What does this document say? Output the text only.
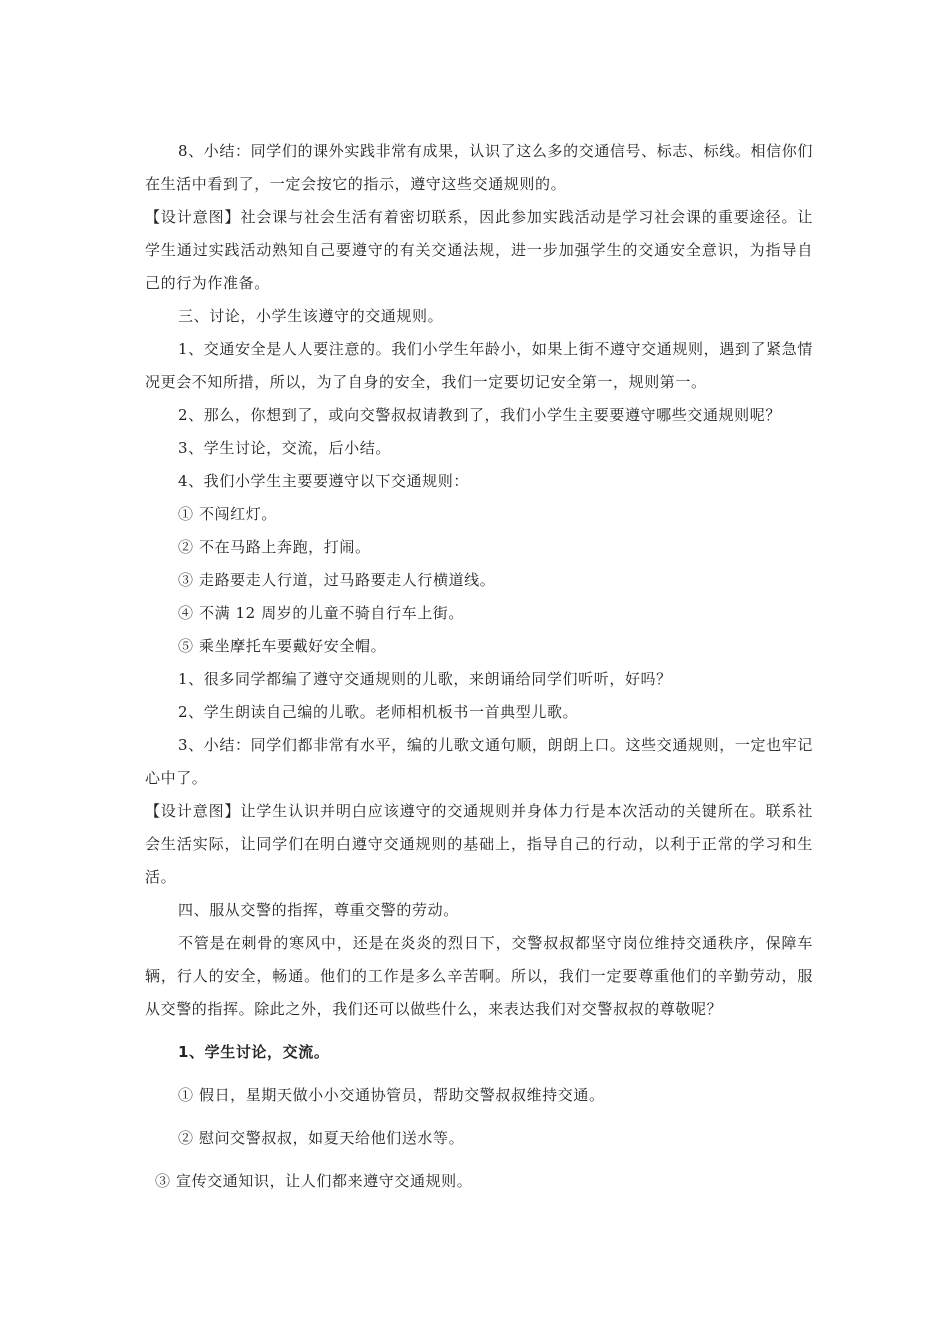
8、小结：同学们的课外实践非常有成果，认识了这么多的交通信号、标志、标线。相信你们在生活中看到了，一定会按它的指示，遵守这些交通规则的。

【设计意图】社会课与社会生活有着密切联系，因此参加实践活动是学习社会课的重要途径。让学生通过实践活动熟知自己要遵守的有关交通法规，进一步加强学生的交通安全意识，为指导自己的行为作准备。

三、讨论，小学生该遵守的交通规则。

1、交通安全是人人要注意的。我们小学生年龄小，如果上街不遵守交通规则，遇到了紧急情况更会不知所措，所以，为了自身的安全，我们一定要切记安全第一，规则第一。

2、那么，你想到了，或向交警叔叔请教到了，我们小学生主要要遵守哪些交通规则呢？

3、学生讨论，交流，后小结。

4、我们小学生主要要遵守以下交通规则：

① 不闯红灯。

② 不在马路上奔跑，打闹。

③ 走路要走人行道，过马路要走人行横道线。

④ 不满 12 周岁的儿童不骑自行车上街。

⑤ 乘坐摩托车要戴好安全帽。

1、很多同学都编了遵守交通规则的儿歌，来朗诵给同学们听听，好吗？

2、学生朗读自己编的儿歌。老师相机板书一首典型儿歌。

3、小结：同学们都非常有水平，编的儿歌文通句顺，朗朗上口。这些交通规则，一定也牢记心中了。

【设计意图】让学生认识并明白应该遵守的交通规则并身体力行是本次活动的关键所在。联系社会生活实际，让同学们在明白遵守交通规则的基础上，指导自己的行动，以利于正常的学习和生活。

四、服从交警的指挥，尊重交警的劳动。

不管是在刺骨的寒风中，还是在炎炎的烈日下，交警叔叔都坚守岗位维持交通秩序，保障车辆，行人的安全，畅通。他们的工作是多么辛苦啊。所以，我们一定要尊重他们的辛勤劳动，服从交警的指挥。除此之外，我们还可以做些什么，来表达我们对交警叔叔的尊敬呢？

1、学生讨论，交流。

① 假日，星期天做小小交通协管员，帮助交警叔叔维持交通。

② 慰问交警叔叔，如夏天给他们送水等。

③ 宣传交通知识，让人们都来遵守交通规则。
